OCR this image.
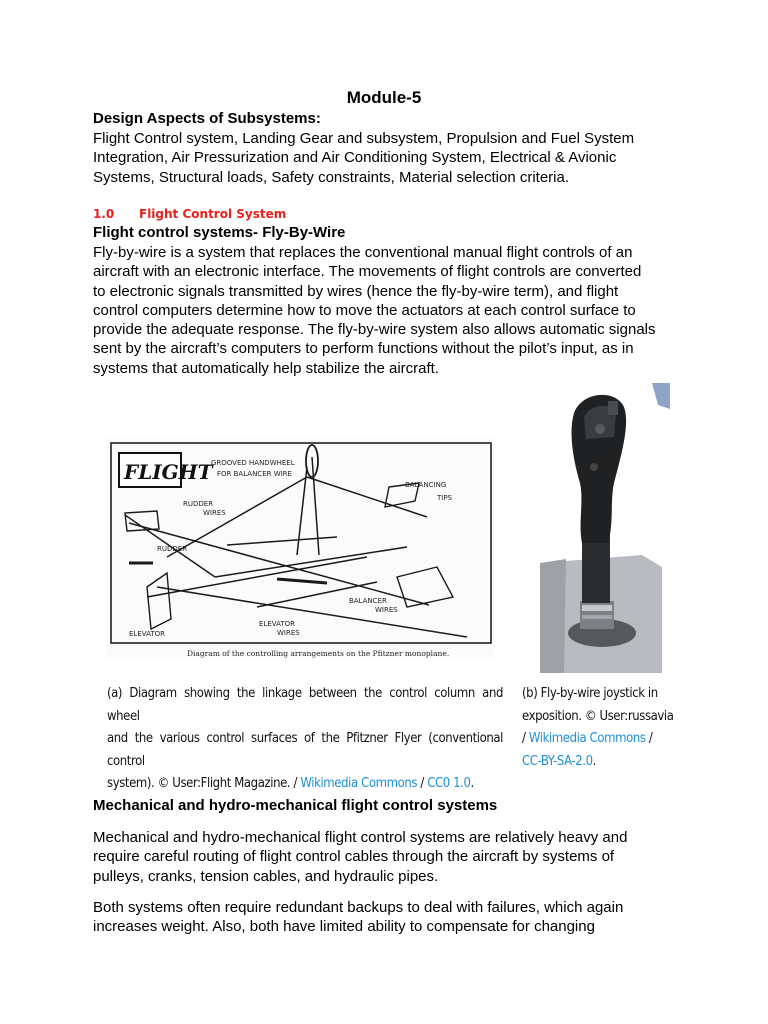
Module-5
Design Aspects of Subsystems:
Flight Control system, Landing Gear and subsystem, Propulsion and Fuel System
Integration, Air Pressurization and Air Conditioning System, Electrical & Avionic
Systems, Structural loads, Safety constraints, Material selection criteria.
1.0 Flight Control System
Flight control systems- Fly-By-Wire
Fly-by-wire is a system that replaces the conventional manual flight controls of an
aircraft with an electronic interface. The movements of flight controls are converted
to electronic signals transmitted by wires (hence the fly-by-wire term), and flight
control computers determine how to move the actuators at each control surface to
provide the adequate response. The fly-by-wire system also allows automatic signals
sent by the aircraft’s computers to perform functions without the pilot’s input, as in
systems that automatically help stabilize the aircraft.
FLIGHT
GROOVED HANDWHEEL
FOR BALANCER WIRE
RUDDER
WIRES
RUDDER
BALANCING
TIPS
BALANCER
WIRES
ELEVATOR
WIRES
ELEVATOR
Diagram of the controlling arrangements on the Pfitzner monoplane.
(a) Diagram showing the linkage between the control column and wheel
and the various control surfaces of the Pfitzner Flyer (conventional control
system). © User:Flight Magazine. / Wikimedia Commons / CC0 1.0.
(b) Fly-by-wire joystick in
exposition. © User:russavia
/ Wikimedia Commons /
CC-BY-SA-2.0.
Mechanical and hydro-mechanical flight control systems
Mechanical and hydro-mechanical flight control systems are relatively heavy and
require careful routing of flight control cables through the aircraft by systems of
pulleys, cranks, tension cables, and hydraulic pipes.
Both systems often require redundant backups to deal with failures, which again
increases weight. Also, both have limited ability to compensate for changing
